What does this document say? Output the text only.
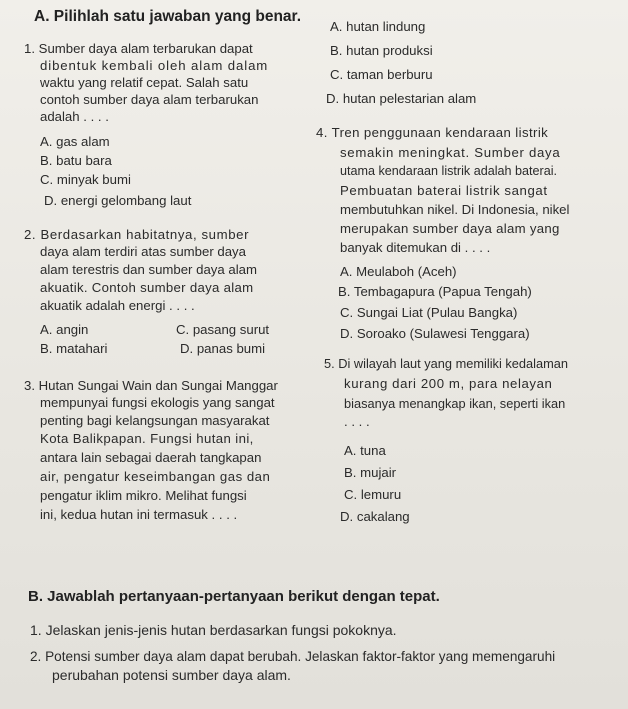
A. Pilihlah satu jawaban yang benar.
1. Sumber daya alam terbarukan dapat
dibentuk kembali oleh alam dalam
waktu yang relatif cepat. Salah satu
contoh sumber daya alam terbarukan
adalah . . . .
A. gas alam
B. batu bara
C. minyak bumi
D. energi gelombang laut
2. Berdasarkan habitatnya, sumber
daya alam terdiri atas sumber daya
alam terestris dan sumber daya alam
akuatik. Contoh sumber daya alam
akuatik adalah energi . . . .
A. angin	C. pasang surut
B. matahari	D. panas bumi
3. Hutan Sungai Wain dan Sungai Manggar
mempunyai fungsi ekologis yang sangat
penting bagi kelangsungan masyarakat
Kota Balikpapan. Fungsi hutan ini,
antara lain sebagai daerah tangkapan
air, pengatur keseimbangan gas dan
pengatur iklim mikro. Melihat fungsi
ini, kedua hutan ini termasuk . . . .
A. hutan lindung
B. hutan produksi
C. taman berburu
D. hutan pelestarian alam
4. Tren penggunaan kendaraan listrik
semakin meningkat. Sumber daya
utama kendaraan listrik adalah baterai.
Pembuatan baterai listrik sangat
membutuhkan nikel. Di Indonesia, nikel
merupakan sumber daya alam yang
banyak ditemukan di . . . .
A. Meulaboh (Aceh)
B. Tembagapura (Papua Tengah)
C. Sungai Liat (Pulau Bangka)
D. Soroako (Sulawesi Tenggara)
5. Di wilayah laut yang memiliki kedalaman
kurang dari 200 m, para nelayan
biasanya menangkap ikan, seperti ikan
. . . .
A. tuna
B. mujair
C. lemuru
D. cakalang
B. Jawablah pertanyaan-pertanyaan berikut dengan tepat.
1. Jelaskan jenis-jenis hutan berdasarkan fungsi pokoknya.
2. Potensi sumber daya alam dapat berubah. Jelaskan faktor-faktor yang memengaruhi
perubahan potensi sumber daya alam.
